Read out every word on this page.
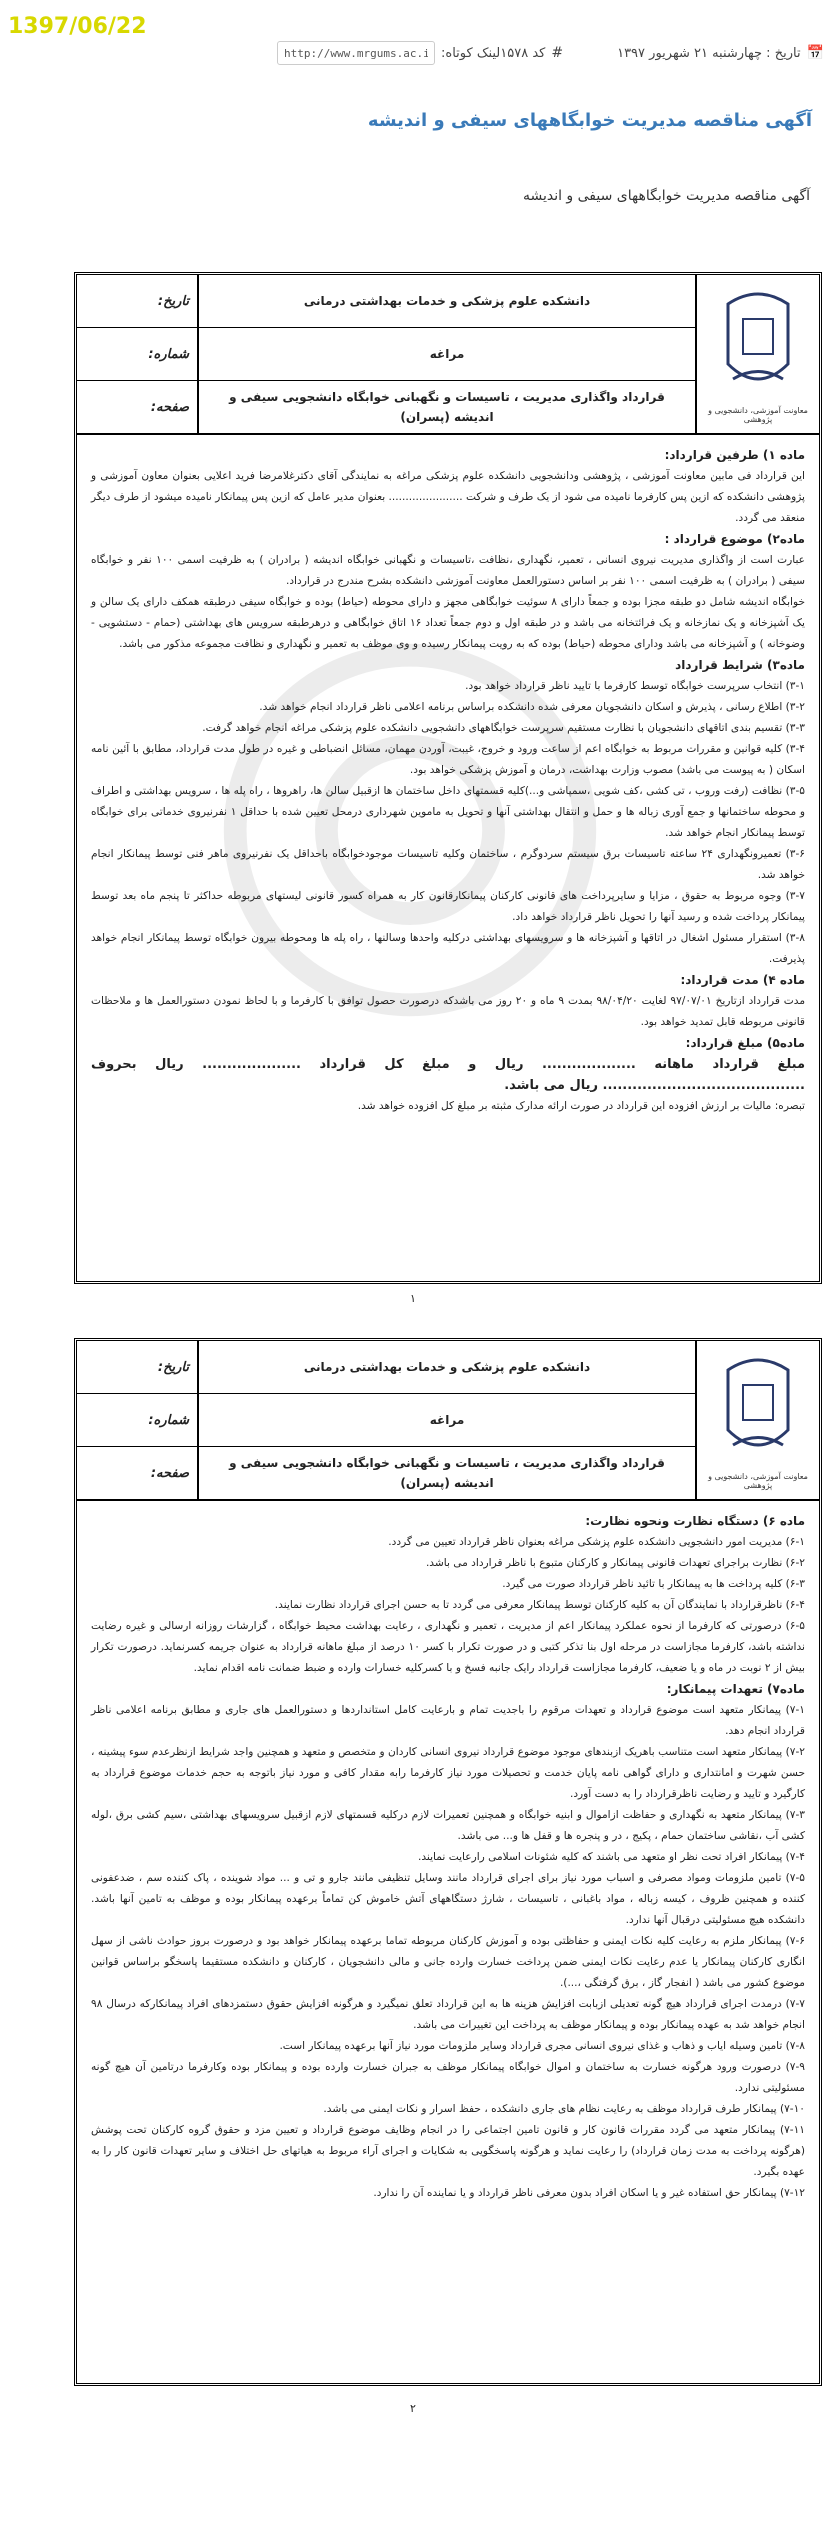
1397/06/22
📅
تاریخ : چهارشنبه ۲۱ شهریور ۱۳۹۷
#
کد ۱۵۷۸
لینک کوتاه:
http://www.mrgums.ac.ir
آگهی مناقصه مدیریت خوابگاههای سیفی و اندیشه
آگهی مناقصه مدیریت خوابگاههای سیفی و اندیشه
معاونت آموزشی، دانشجویی و پژوهشی
دانشکده علوم پزشکی و خدمات بهداشتی درمانی
مراغه
قرارداد واگذاری مدیریت ، تاسیسات و نگهبانی خوابگاه دانشجویی سیفی و اندیشه (پسران)
تاریخ:
شماره:
صفحه:

ماده ۱) طرفین قرارداد:

این قرارداد فی مابین معاونت آموزشی ، پژوهشی ودانشجویی دانشکده علوم پزشکی مراغه به نمایندگی آقای دکترغلامرضا فرید اعلایی بعنوان معاون آموزشی و پژوهشی دانشکده که ازین پس کارفرما نامیده می شود از یک طرف و شرکت ...................... بعنوان مدیر عامل که ازین پس پیمانکار نامیده میشود از طرف دیگر منعقد می گردد.

ماده۲) موضوع قرارداد :

عبارت است از واگذاری مدیریت نیروی انسانی ، تعمیر، نگهداری ،نظافت ،تاسیسات و نگهبانی خوابگاه اندیشه ( برادران ) به ظرفیت اسمی ۱۰۰ نفر و خوابگاه سیفی ( برادران ) به ظرفیت اسمی ۱۰۰ نفر بر اساس دستورالعمل معاونت آموزشی دانشکده بشرح مندرج در قرارداد.

خوابگاه اندیشه شامل دو طبقه مجزا بوده و جمعاً دارای ۸ سوئیت خوابگاهی مجهز و دارای محوطه (حیاط) بوده و خوابگاه سیفی درطبقه همکف دارای یک سالن و یک آشپزخانه و یک نمازخانه و یک فرائتخانه می باشد و در طبقه اول و دوم جمعاً تعداد ۱۶ اتاق خوابگاهی و درهرطبقه سرویس های بهداشتی (حمام - دستشویی - وضوخانه ) و آشپزخانه می باشد ودارای محوطه (حیاط) بوده که به رویت پیمانکار رسیده و وی موظف به تعمیر و نگهداری و نظافت مجموعه مذکور می باشد.

ماده۳) شرایط قرارداد

۳-۱) انتخاب سرپرست خوابگاه توسط کارفرما با تایید ناظر قرارداد خواهد بود.

۳-۲) اطلاع رسانی ، پذیرش و اسکان دانشجویان معرفی شده دانشکده براساس برنامه اعلامی ناظر قرارداد انجام خواهد شد.

۳-۳) تقسیم بندی اتاقهای دانشجویان با نظارت مستقیم سرپرست خوابگاههای دانشجویی دانشکده علوم پزشکی مراغه انجام خواهد گرفت.

۳-۴) کلیه قوانین و مقررات مربوط به خوابگاه اعم از ساعت ورود و خروج، غیبت، آوردن مهمان، مسائل انضباطی و غیره در طول مدت قرارداد، مطابق با آئین نامه اسکان ( به پیوست می باشد) مصوب وزارت بهداشت، درمان و آموزش پزشکی خواهد بود.

۳-۵) نظافت (رفت وروب ، تی کشی ،کف شویی ،سمپاشی و...)کلیه قسمتهای داخل ساختمان ها ازقبیل سالن ها، راهروها ، راه پله ها ، سرویس بهداشتی و اطراف و محوطه ساختمانها و جمع آوری زباله ها و حمل و انتقال بهداشتی آنها و تحویل به ماموین شهرداری درمحل تعیین شده با حداقل ۱ نفرنیروی خدماتی برای خوابگاه توسط پیمانکار انجام خواهد شد.

۳-۶) تعمیرونگهداری ۲۴ ساعته تاسیسات برق سیستم سردوگرم ، ساختمان وکلیه تاسیسات موجودخوابگاه باحداقل یک نفرنیروی ماهر فنی توسط پیمانکار انجام خواهد شد.

۳-۷) وجوه مربوط به حقوق ، مزایا و سایرپرداخت های قانونی کارکنان پیمانکارقانون کار به همراه کسور قانونی لیستهای مربوطه حداکثر تا پنجم ماه بعد توسط پیمانکار پرداخت شده و رسید آنها را تحویل ناظر قرارداد خواهد داد.

۳-۸) استقرار مسئول اشغال در اتاقها و آشپزخانه ها و سرویسهای بهداشتی درکلیه واحدها وسالنها ، راه پله ها ومحوطه بیرون خوابگاه توسط پیمانکار انجام خواهد پذیرفت.

ماده ۴) مدت قرارداد:

مدت قرارداد ازتاریخ ۹۷/۰۷/۰۱ لغایت ۹۸/۰۴/۲۰ بمدت ۹ ماه و ۲۰ روز می باشدکه درصورت حصول توافق با کارفرما و با لحاظ نمودن دستورالعمل ها و ملاحظات قانونی مربوطه قابل تمدید خواهد بود.

ماده۵) مبلغ قرارداد:

مبلغ قرارداد ماهانه ................... ریال و مبلغ کل قرارداد .................... ریال بحروف ......................................... ریال می باشد.

تبصره: مالیات بر ارزش افزوده این قرارداد در صورت ارائه مدارک مثبته بر مبلغ کل افزوده خواهد شد.

۱
معاونت آموزشی، دانشجویی و پژوهشی
دانشکده علوم پزشکی و خدمات بهداشتی درمانی
مراغه
قرارداد واگذاری مدیریت ، تاسیسات و نگهبانی خوابگاه دانشجویی سیفی و اندیشه (پسران)
تاریخ:
شماره:
صفحه:

ماده ۶) دستگاه نظارت ونحوه نظارت:

۶-۱) مدیریت امور دانشجویی دانشکده علوم پزشکی مراغه بعنوان ناظر قرارداد تعیین می گردد.

۶-۲) نظارت براجرای تعهدات قانونی پیمانکار و کارکنان متبوع با ناظر قرارداد می باشد.

۶-۳) کلیه پرداخت ها به پیمانکار با تائید ناظر قرارداد صورت می گیرد.

۶-۴) ناظرقرارداد با نمایندگان آن به کلیه کارکنان توسط پیمانکار معرفی می گردد تا به حسن اجرای قرارداد نظارت نمایند.

۶-۵) درصورتی که کارفرما از نحوه عملکرد پیمانکار اعم از مدیریت ، تعمیر و نگهداری ، رعایت بهداشت محیط خوابگاه ، گزارشات روزانه ارسالی و غیره رضایت نداشته باشد، کارفرما مجازاست در مرحله اول بنا تذکر کتبی و در صورت تکرار با کسر ۱۰ درصد از مبلغ ماهانه قرارداد به عنوان جریمه کسرنماید. درصورت تکرار بیش از ۲ نوبت در ماه و یا ضعیف، کارفرما مجازاست قرارداد رایک جانبه فسخ و با کسرکلیه خسارات وارده و ضبط ضمانت نامه اقدام نماید.

ماده۷) تعهدات پیمانکار:

۷-۱) پیمانکار متعهد است موضوع قرارداد و تعهدات مرقوم را باجدیت تمام و بارعایت کامل استانداردها و دستورالعمل های جاری و مطابق برنامه اعلامی ناظر قرارداد انجام دهد.

۷-۲) پیمانکار متعهد است متناسب باهریک ازبندهای موجود موضوع قرارداد نیروی انسانی کاردان و متخصص و متعهد و همچنین واجد شرایط ازنظرعدم سوء پیشینه ، حسن شهرت و امانتداری و دارای گواهی نامه پایان خدمت و تحصیلات مورد نیاز کارفرما رابه مقدار کافی و مورد نیاز باتوجه به حجم خدمات موضوع قرارداد به کارگیرد و تایید و رضایت ناظرقرارداد را به دست آورد.

۷-۳) پیمانکار متعهد به نگهداری و حفاظت ازاموال و ابنیه خوابگاه و همچنین تعمیرات لازم درکلیه قسمتهای لازم ازقبیل سرویسهای بهداشتی ،سیم کشی برق ،لوله کشی آب ،نقاشی ساختمان حمام ، پکیج ، در و پنجره ها و قفل ها و... می باشد.

۷-۴) پیمانکار افراد تحت نظر او متعهد می باشند که کلیه شئونات اسلامی رارعایت نمایند.

۷-۵) تامین ملزومات ومواد مصرفی و اسباب مورد نیاز برای اجرای قرارداد مانند وسایل تنظیفی مانند جارو و تی و ... مواد شوینده ، پاک کننده سم ، ضدعفونی کننده و همچنین ظروف ، کیسه زباله ، مواد باغبانی ، تاسیسات ، شارژ دستگاههای آتش خاموش کن تماماً برعهده پیمانکار بوده و موظف به تامین آنها باشد. دانشکده هیچ مسئولیتی درقبال آنها ندارد.

۷-۶) پیمانکار ملزم به رعایت کلیه نکات ایمنی و حفاظتی بوده و آموزش کارکنان مربوطه تماما برعهده پیمانکار خواهد بود و درصورت بروز حوادث ناشی از سهل انگاری کارکنان پیمانکار یا عدم رعایت نکات ایمنی ضمن پرداخت خسارت وارده جانی و مالی دانشجویان ، کارکنان و دانشکده مستقیما پاسخگو براساس قوانین موضوع کشور می باشد ( انفجار گاز ، برق گرفتگی ،...).

۷-۷) درمدت اجرای قرارداد هیچ گونه تعدیلی ازبابت افزایش هزینه ها به این قرارداد تعلق نمیگیرد و هرگونه افزایش حقوق دستمزدهای افراد پیمانکارکه درسال ۹۸ انجام خواهد شد به عهده پیمانکار بوده و پیمانکار موظف به پرداخت این تغییرات می باشد.

۷-۸) تامین وسیله ایاب و ذهاب و غذای نیروی انسانی مجری قرارداد وسایر ملزومات مورد نیاز آنها برعهده پیمانکار است.

۷-۹) درصورت ورود هرگونه خسارت به ساختمان و اموال خوابگاه پیمانکار موظف به جبران خسارت وارده بوده و پیمانکار بوده وکارفرما درتامین آن هیچ گونه مسئولیتی ندارد.

۷-۱۰) پیمانکار طرف قرارداد موظف به رعایت نظام های جاری دانشکده ، حفظ اسرار و نکات ایمنی می باشد.

۷-۱۱) پیمانکار متعهد می گردد مقررات قانون کار و قانون تامین اجتماعی را در انجام وظایف موضوع قرارداد و تعیین مزد و حقوق گروه کارکنان تحت پوشش (هرگونه پرداخت به مدت زمان قرارداد) را رعایت نماید و هرگونه پاسخگویی به شکایات و اجرای آراء مربوط به هیاتهای حل اختلاف و سایر تعهدات قانون کار را به عهده بگیرد.

۷-۱۲) پیمانکار حق استفاده غیر و یا اسکان افراد بدون معرفی ناظر قرارداد و یا نماینده آن را ندارد.

۲
